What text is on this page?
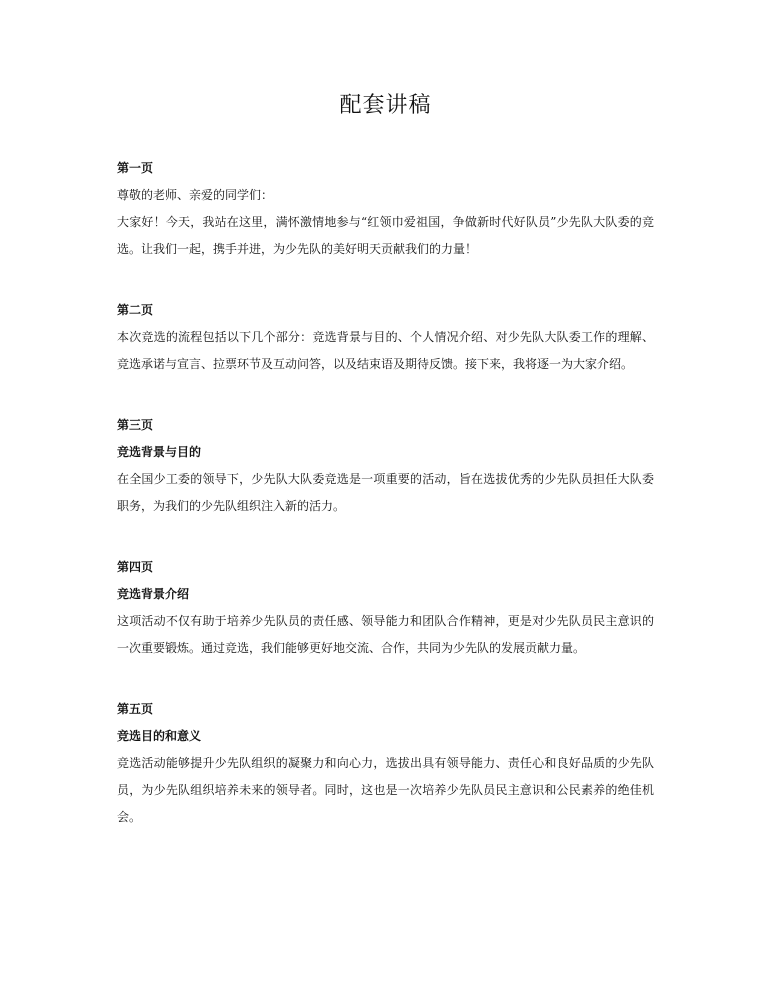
配套讲稿

第一页

尊敬的老师、亲爱的同学们：

大家好！今天，我站在这里，满怀激情地参与“红领巾爱祖国，争做新时代好队员”少先队大队委的竞选。让我们一起，携手并进，为少先队的美好明天贡献我们的力量！

第二页

本次竞选的流程包括以下几个部分：竞选背景与目的、个人情况介绍、对少先队大队委工作的理解、竞选承诺与宣言、拉票环节及互动问答，以及结束语及期待反馈。接下来，我将逐一为大家介绍。

第三页

竞选背景与目的

在全国少工委的领导下，少先队大队委竞选是一项重要的活动，旨在选拔优秀的少先队员担任大队委职务，为我们的少先队组织注入新的活力。

第四页

竞选背景介绍

这项活动不仅有助于培养少先队员的责任感、领导能力和团队合作精神，更是对少先队员民主意识的一次重要锻炼。通过竞选，我们能够更好地交流、合作，共同为少先队的发展贡献力量。

第五页

竞选目的和意义

竞选活动能够提升少先队组织的凝聚力和向心力，选拔出具有领导能力、责任心和良好品质的少先队员，为少先队组织培养未来的领导者。同时，这也是一次培养少先队员民主意识和公民素养的绝佳机会。
